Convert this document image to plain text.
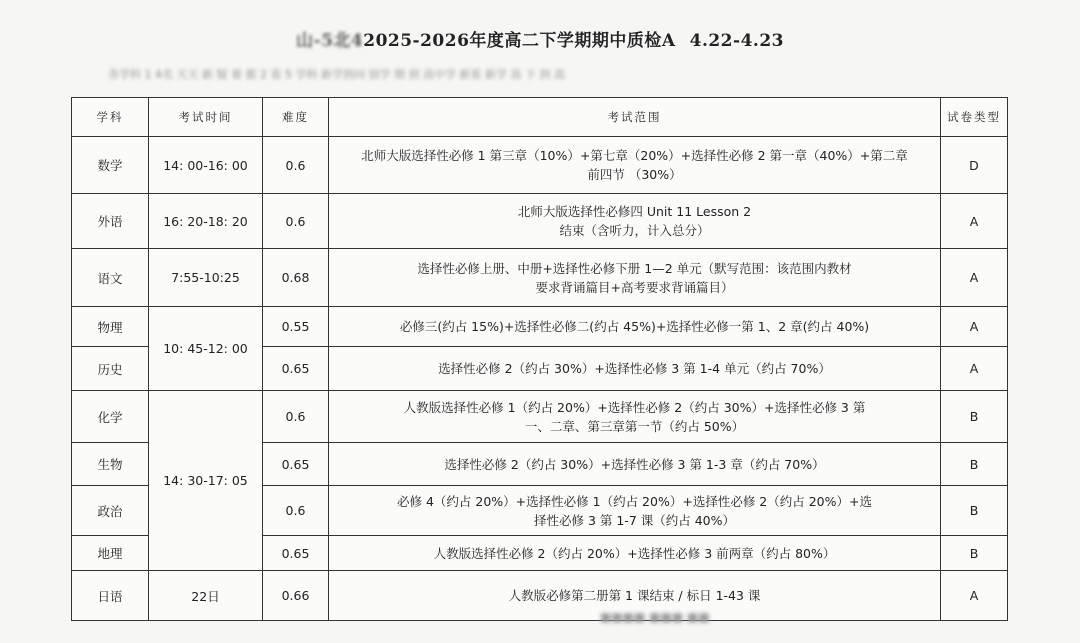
山-5北42025-2026年度高二下学期期中质检A 4.22-4.23
各学科 1 4名 天天 新 疑 着 都 2 看 5 学科 新学到问 别学 期 到 高中学 新看 新学 高 下 到 高
学科	考试时间	难度	考试范围	试卷类型
数学	14: 00-16: 00	0.6	北师大版选择性必修 1 第三章（10%）+第七章（20%）+选择性必修 2 第一章（40%）+第二章
前四节 （30%）	D
外语	16: 20-18: 20	0.6	北师大版选择性必修四 Unit 11 Lesson 2
结束（含听力，计入总分）	A
语文	7:55-10:25	0.68	选择性必修上册、中册+选择性必修下册 1—2 单元（默写范围：该范围内教材
要求背诵篇目+高考要求背诵篇目）	A
物理	10: 45-12: 00	0.55	必修三(约占 15%)+选择性必修二(约占 45%)+选择性必修一第 1、2 章(约占 40%)	A
历史		0.65	选择性必修 2（约占 30%）+选择性必修 3 第 1-4 单元（约占 70%）	A
化学	14: 30-17: 05	0.6	人教版选择性必修 1（约占 20%）+选择性必修 2（约占 30%）+选择性必修 3 第
一、二章、第三章第一节（约占 50%）	B
生物		0.65	选择性必修 2（约占 30%）+选择性必修 3 第 1-3 章（约占 70%）	B
政治		0.6	必修 4（约占 20%）+选择性必修 1（约占 20%）+选择性必修 2（约占 20%）+选
择性必修 3 第 1-7 课（约占 40%）	B
地理		0.65	人教版选择性必修 2（约占 20%）+选择性必修 3 前两章（约占 80%）	B
日语	22日	0.66	人教版必修第二册第 1 课结束 / 标日 1-43 课	A
■■■■ ■■■ ■■
